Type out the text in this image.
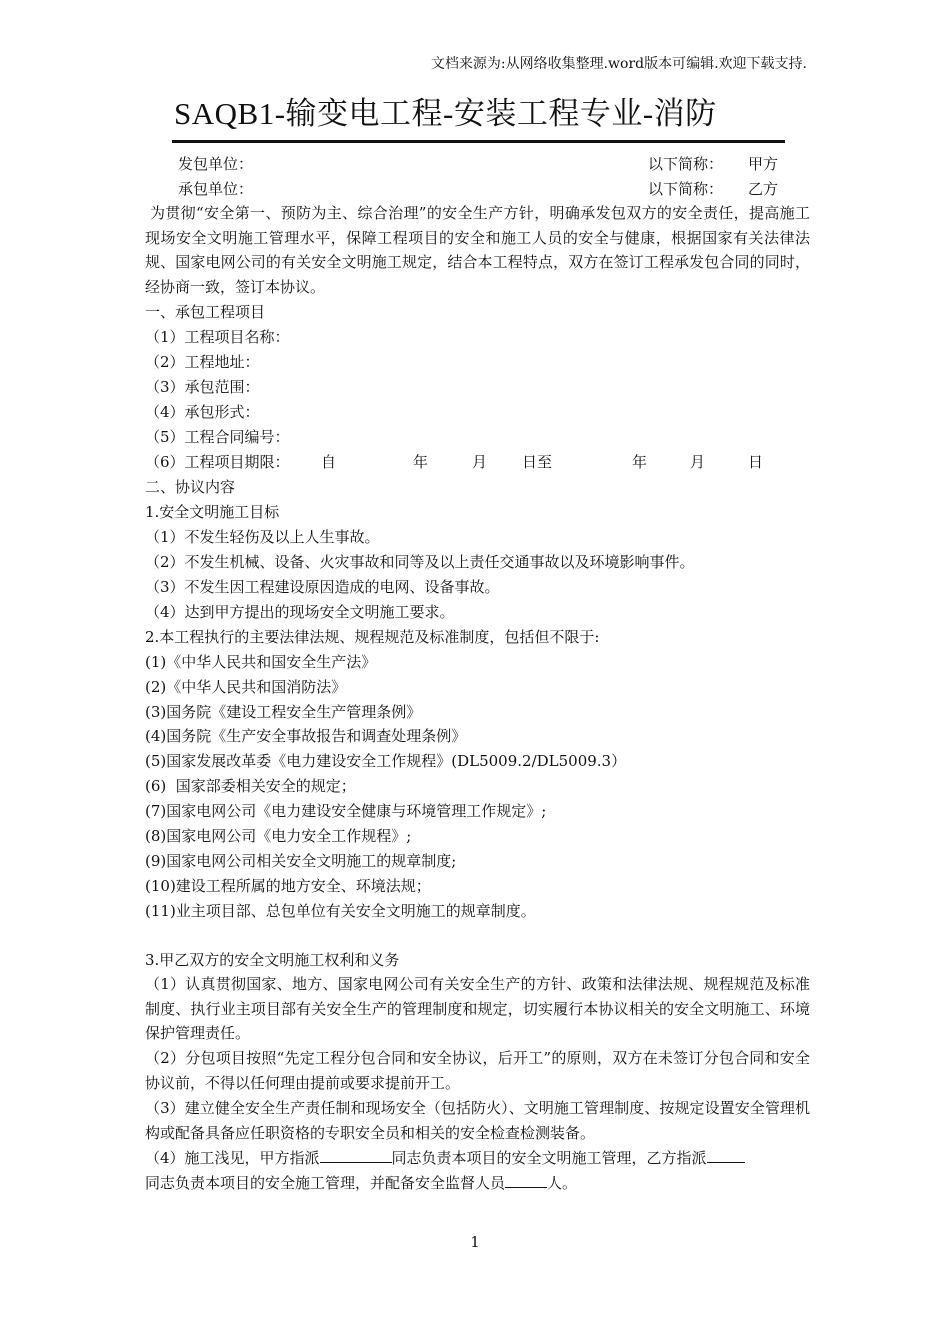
文档来源为:从网络收集整理.word版本可编辑.欢迎下载支持.
SAQB1-输变电工程-安装工程专业-消防
发包单位：	以下简称： 甲方
承包单位：	以下简称： 乙方
为贯彻“安全第一、预防为主、综合治理”的安全生产方针，明确承发包双方的安全责任，提高施工现场安全文明施工管理水平，保障工程项目的安全和施工人员的安全与健康，根据国家有关法律法规、国家电网公司的有关安全文明施工规定，结合本工程特点，双方在签订工程承发包合同的同时，经协商一致，签订本协议。
一、承包工程项目
（1）工程项目名称：
（2）工程地址：
（3）承包范围：
（4）承包形式：
（5）工程合同编号：
（6）工程项目期限： 自	年	月 日至	年	月	日
二、协议内容
1.安全文明施工目标
（1）不发生轻伤及以上人生事故。
（2）不发生机械、设备、火灾事故和同等及以上责任交通事故以及环境影响事件。
（3）不发生因工程建设原因造成的电网、设备事故。
（4）达到甲方提出的现场安全文明施工要求。
2.本工程执行的主要法律法规、规程规范及标准制度，包括但不限于:
(1)《中华人民共和国安全生产法》
(2)《中华人民共和国消防法》
(3)国务院《建设工程安全生产管理条例》
(4)国务院《生产安全事故报告和调查处理条例》
(5)国家发展改革委《电力建设安全工作规程》(DL5009.2/DL5009.3）
(6)  国家部委相关安全的规定；
(7)国家电网公司《电力建设安全健康与环境管理工作规定》;
(8)国家电网公司《电力安全工作规程》;
(9)国家电网公司相关安全文明施工的规章制度;
(10)建设工程所属的地方安全、环境法规；
(11)业主项目部、总包单位有关安全文明施工的规章制度。
3.甲乙双方的安全文明施工权利和义务
（1）认真贯彻国家、地方、国家电网公司有关安全生产的方针、政策和法律法规、规程规范及标准制度、执行业主项目部有关安全生产的管理制度和规定，切实履行本协议相关的安全文明施工、环境保护管理责任。
（2）分包项目按照“先定工程分包合同和安全协议，后开工”的原则，双方在未签订分包合同和安全协议前，不得以任何理由提前或要求提前开工。
（3）建立健全安全生产责任制和现场安全（包括防火）、文明施工管理制度、按规定设置安全管理机构或配备具备应任职资格的专职安全员和相关的安全检查检测装备。
（4）施工浅见，甲方指派	同志负责本项目的安全文明施工管理，乙方指派
同志负责本项目的安全施工管理，并配备安全监督人员	人。
1
